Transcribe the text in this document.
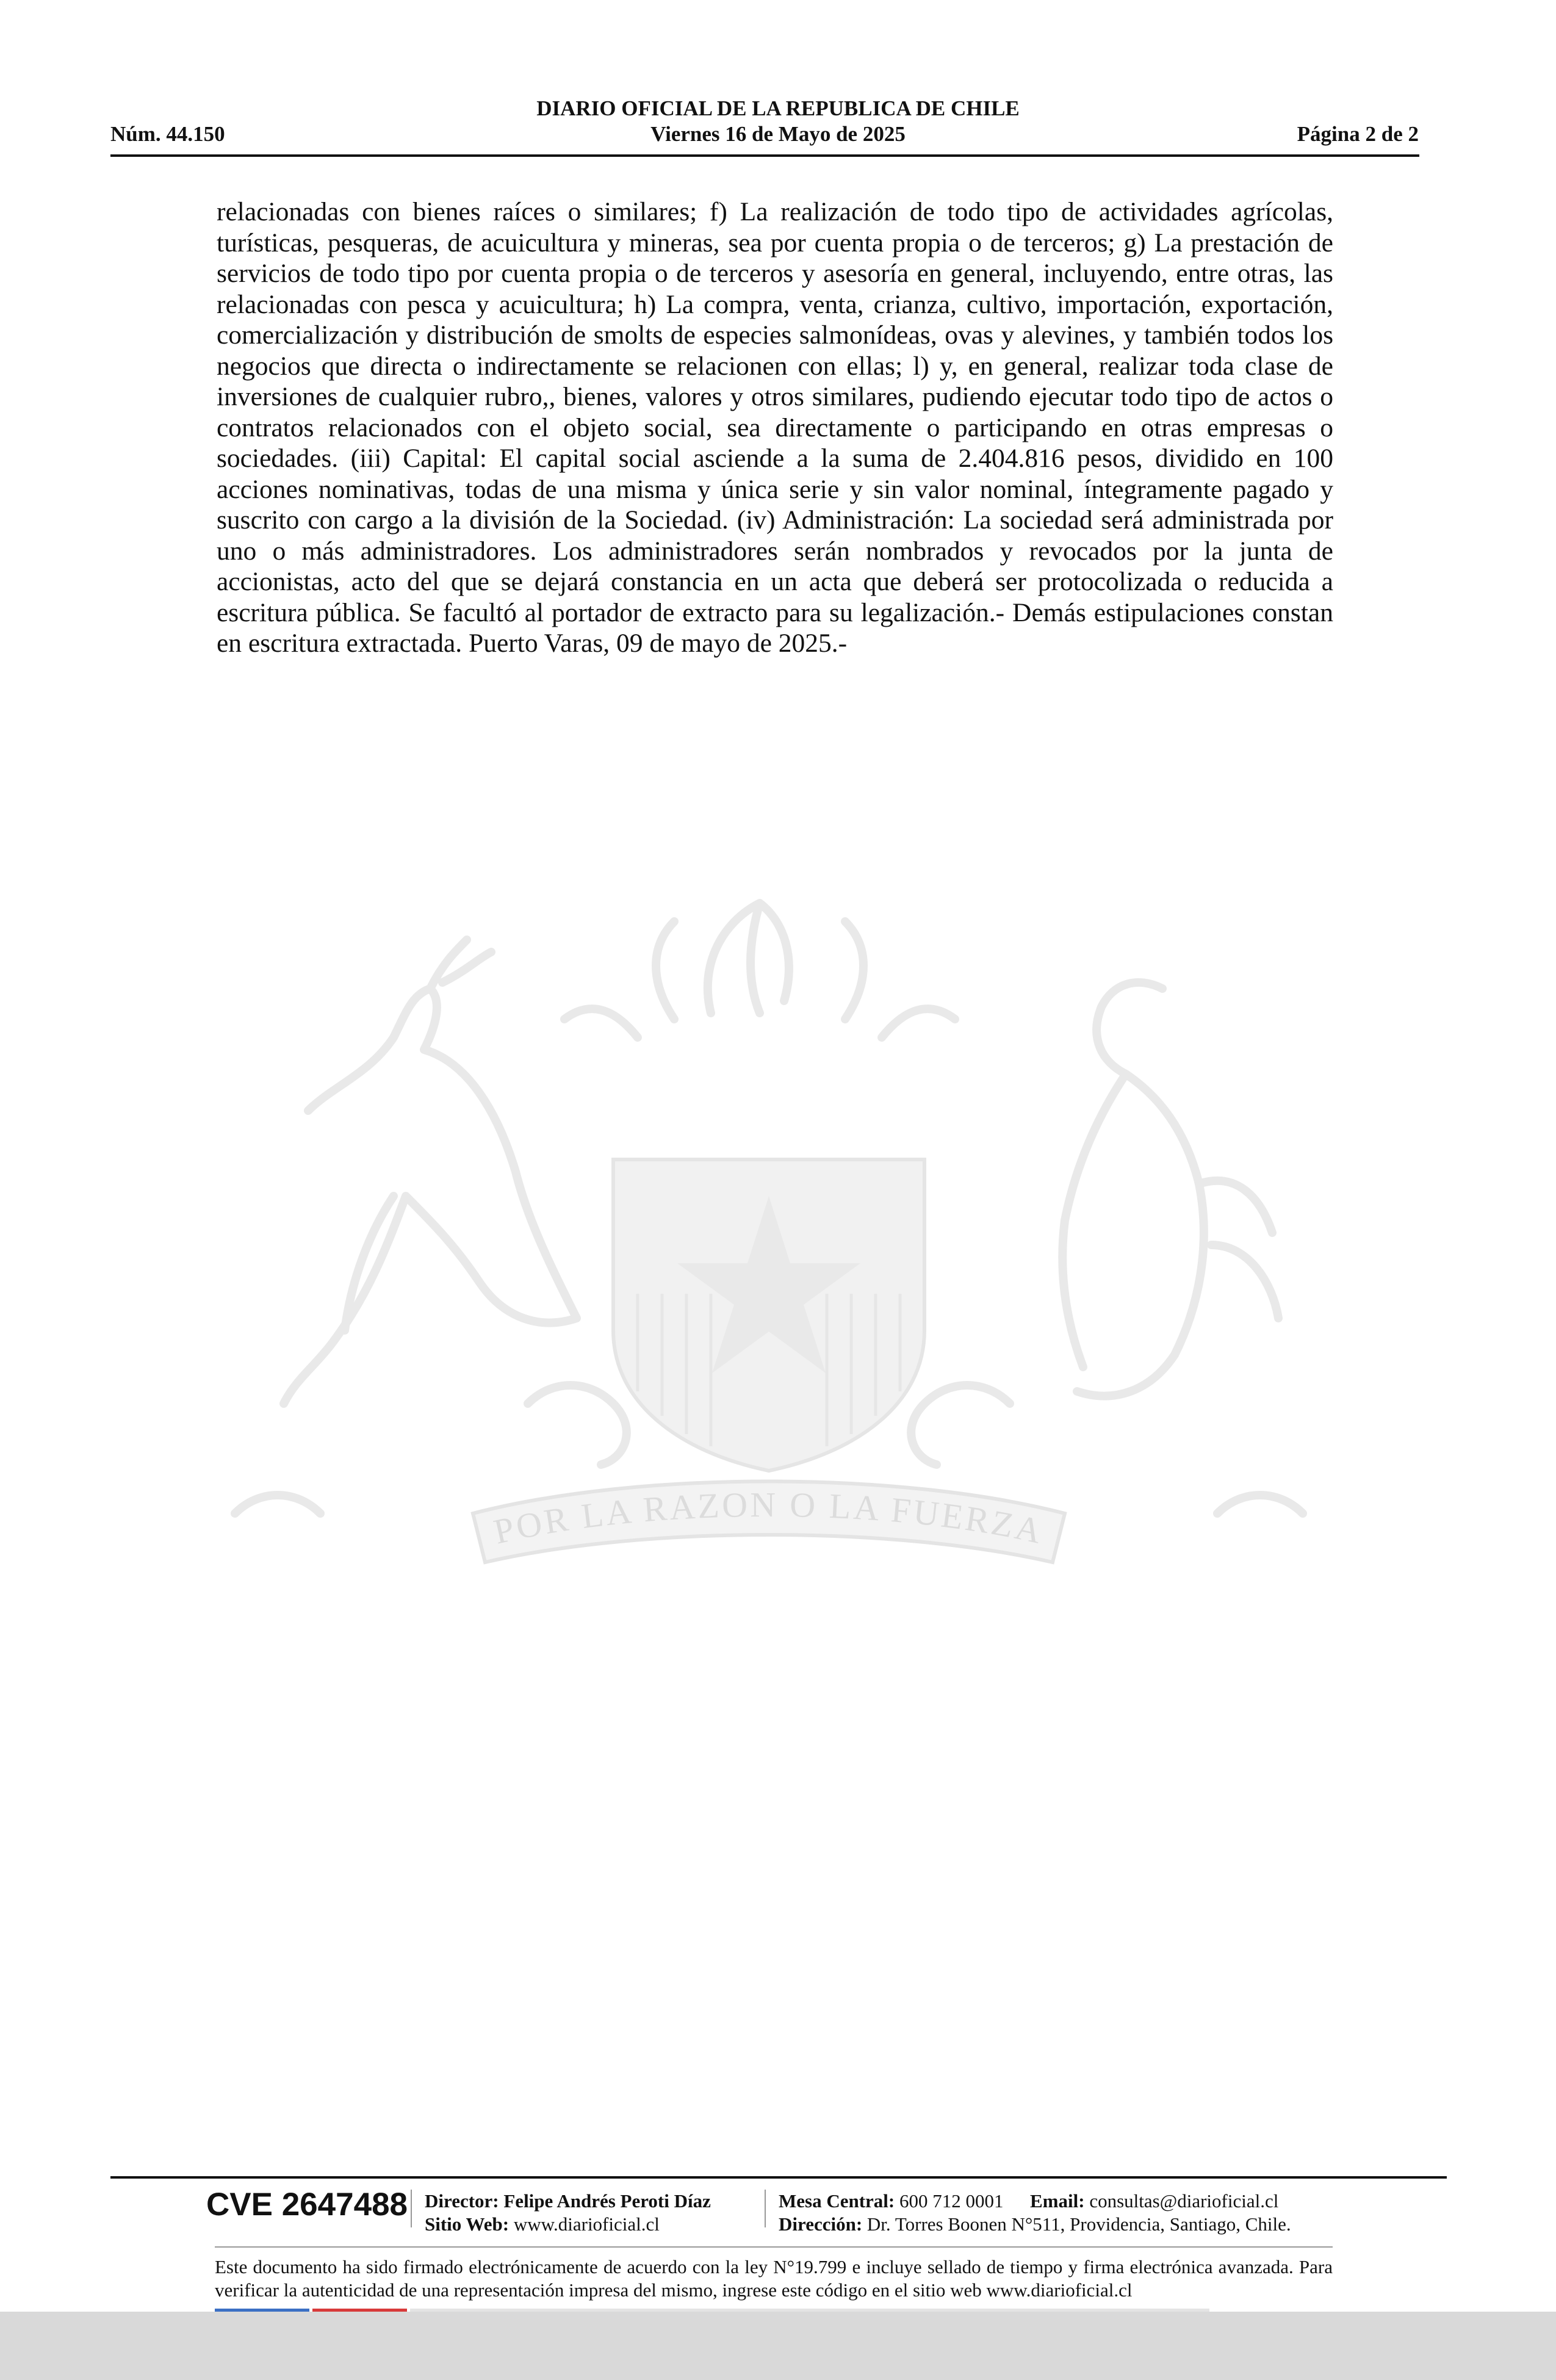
DIARIO OFICIAL DE LA REPUBLICA DE CHILE
Núm. 44.150	Viernes 16 de Mayo de 2025	Página 2 de 2
POR LA RAZON O LA FUERZA

relacionadas con bienes raíces o similares; f) La realización de todo tipo de actividades agrícolas, turísticas, pesqueras, de acuicultura y mineras, sea por cuenta propia o de terceros; g) La prestación de servicios de todo tipo por cuenta propia o de terceros y asesoría en general, incluyendo, entre otras, las relacionadas con pesca y acuicultura; h) La compra, venta, crianza, cultivo, importación, exportación, comercialización y distribución de smolts de especies salmonídeas, ovas y alevines, y también todos los negocios que directa o indirectamente se relacionen con ellas; l) y, en general, realizar toda clase de inversiones de cualquier rubro,, bienes, valores y otros similares, pudiendo ejecutar todo tipo de actos o contratos relacionados con el objeto social, sea directamente o participando en otras empresas o sociedades. (iii) Capital: El capital social asciende a la suma de 2.404.816 pesos, dividido en 100 acciones nominativas, todas de una misma y única serie y sin valor nominal, íntegramente pagado y suscrito con cargo a la división de la Sociedad. (iv) Administración: La sociedad será administrada por uno o más administradores. Los administradores serán nombrados y revocados por la junta de accionistas, acto del que se dejará constancia en un acta que deberá ser protocolizada o reducida a escritura pública. Se facultó al portador de extracto para su legalización.- Demás estipulaciones constan en escritura extractada. Puerto Varas, 09 de mayo de 2025.-

CVE 2647488 Director: Felipe Andrés Peroti Díaz
Sitio Web: www.diarioficial.cl
Mesa Central: 600 712 0001 Email: consultas@diarioficial.cl
Dirección: Dr. Torres Boonen N°511, Providencia, Santiago, Chile.
Este documento ha sido firmado electrónicamente de acuerdo con la ley N°19.799 e incluye sellado de tiempo y firma electrónica avanzada. Para verificar la autenticidad de una representación impresa del mismo, ingrese este código en el sitio web www.diarioficial.cl
